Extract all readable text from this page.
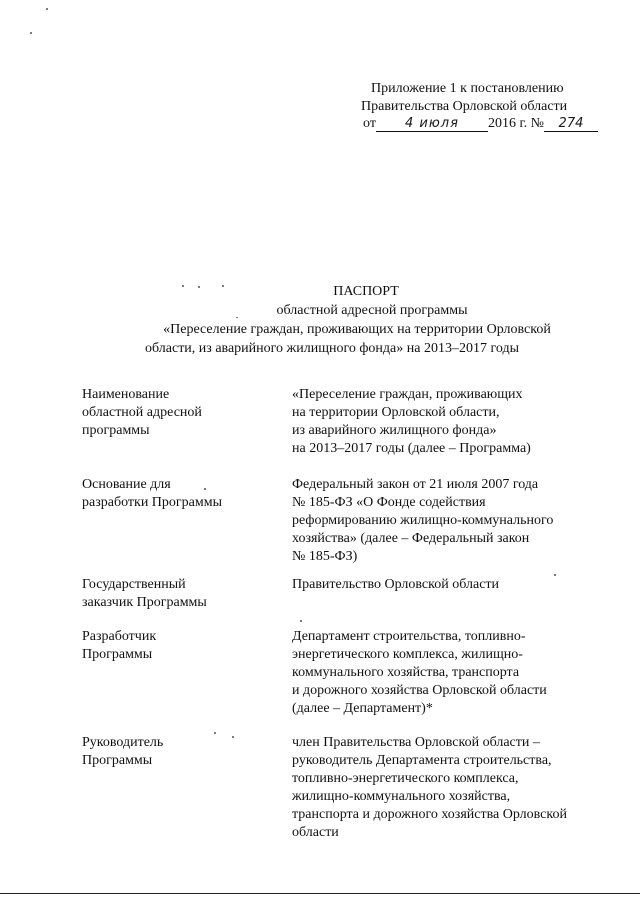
Приложение 1 к постановлению
Правительства Орловской области
от 4 июля 2016 г. № 274
ПАСПОРТ
областной адресной программы
«Переселение граждан, проживающих на территории Орловской
области, из аварийного жилищного фонда» на 2013–2017 годы
Наименование
областной адресной
программы
«Переселение граждан, проживающих
на территории Орловской области,
из аварийного жилищного фонда»
на 2013–2017 годы (далее – Программа)
Основание для
разработки Программы
Федеральный закон от 21 июля 2007 года
№ 185-ФЗ «О Фонде содействия
реформированию жилищно-коммунального
хозяйства» (далее – Федеральный закон
№ 185-ФЗ)
Государственный
заказчик Программы
Правительство Орловской области
Разработчик
Программы
Департамент строительства, топливно-
энергетического комплекса, жилищно-
коммунального хозяйства, транспорта
и дорожного хозяйства Орловской области
(далее – Департамент)*
Руководитель
Программы
член Правительства Орловской области –
руководитель Департамента строительства,
топливно-энергетического комплекса,
жилищно-коммунального хозяйства,
транспорта и дорожного хозяйства Орловской
области
